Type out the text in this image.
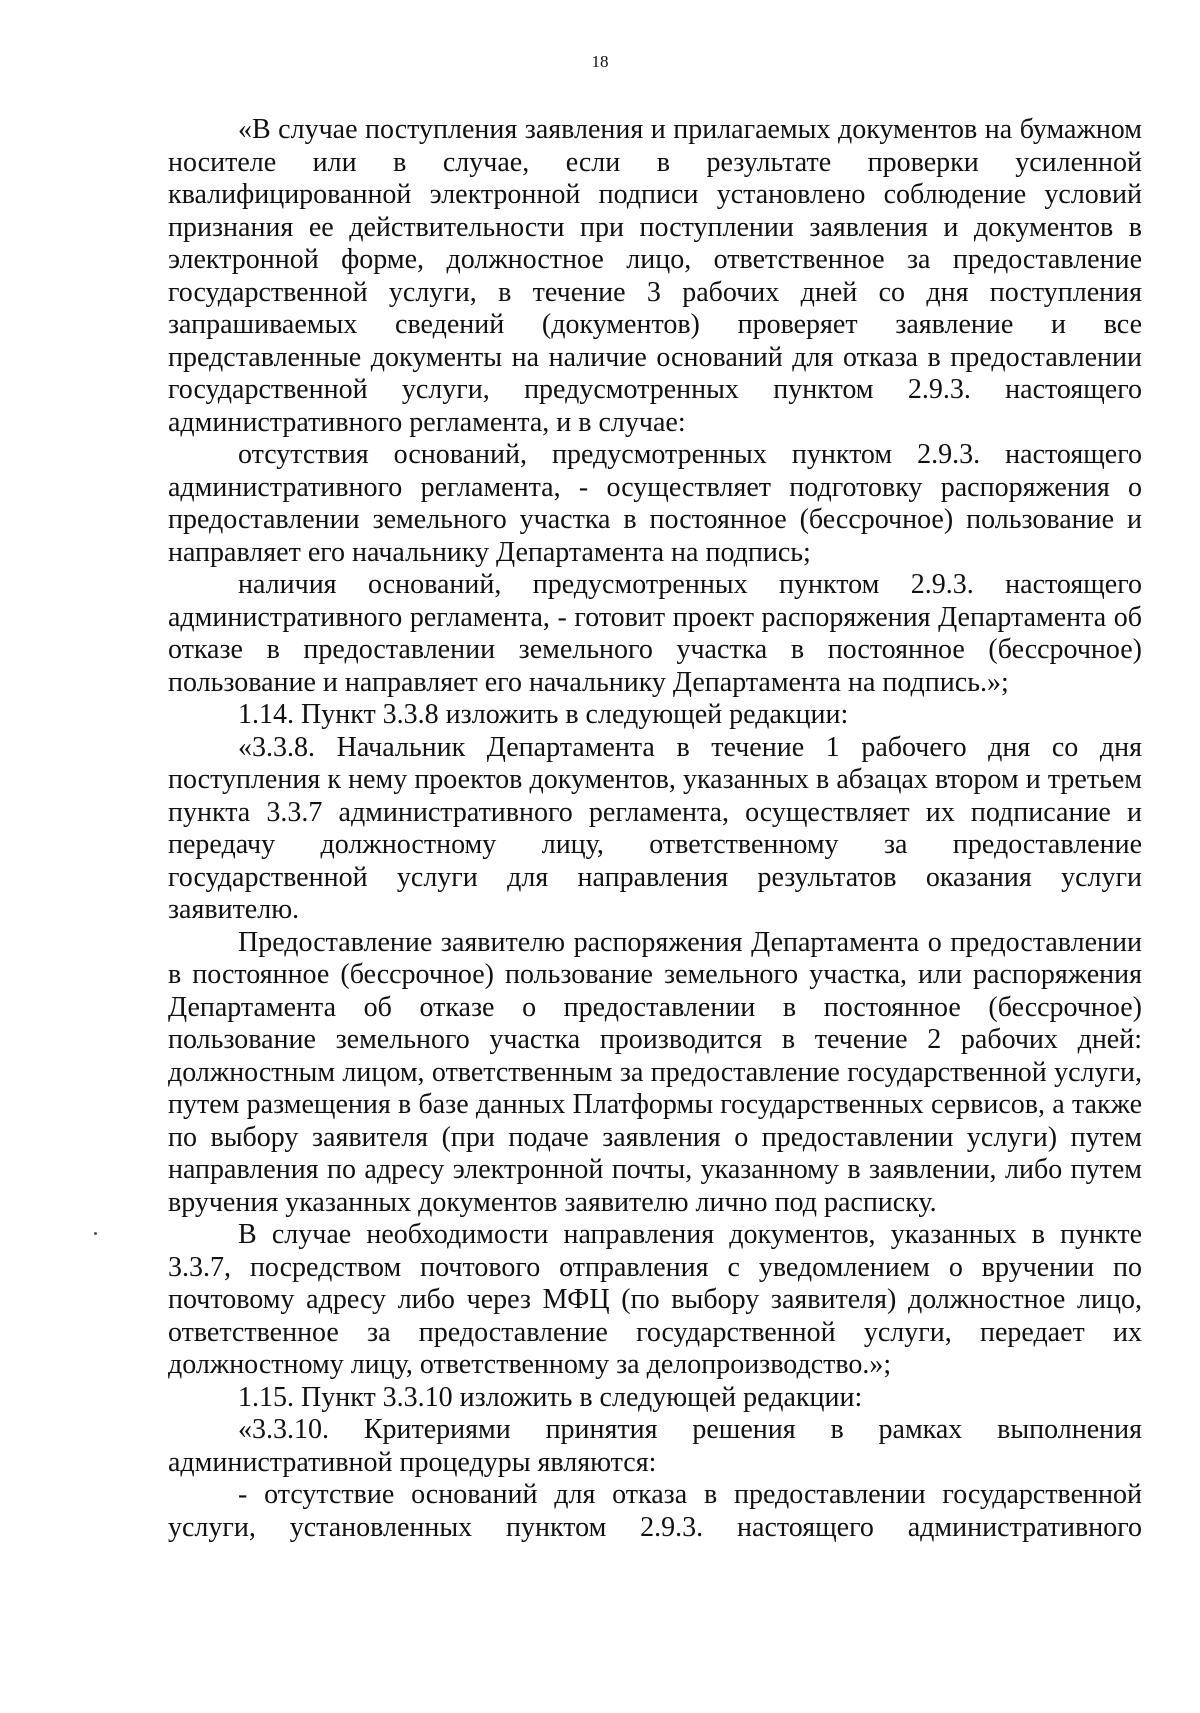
18

«В случае поступления заявления и прилагаемых документов на бумажном носителе или в случае, если в результате проверки усиленной квалифицированной электронной подписи установлено соблюдение условий признания ее действительности при поступлении заявления и документов в электронной форме, должностное лицо, ответственное за предоставление государственной услуги, в течение 3 рабочих дней со дня поступления запрашиваемых сведений (документов) проверяет заявление и все представленные документы на наличие оснований для отказа в предоставлении государственной услуги, предусмотренных пунктом 2.9.3. настоящего административного регламента, и в случае:

отсутствия оснований, предусмотренных пунктом 2.9.3. настоящего административного регламента, - осуществляет подготовку распоряжения о предоставлении земельного участка в постоянное (бессрочное) пользование и направляет его начальнику Департамента на подпись;

наличия оснований, предусмотренных пунктом 2.9.3. настоящего административного регламента, - готовит проект распоряжения Департамента об отказе в предоставлении земельного участка в постоянное (бессрочное) пользование и направляет его начальнику Департамента на подпись.»;

1.14. Пункт 3.3.8 изложить в следующей редакции:

«3.3.8. Начальник Департамента в течение 1 рабочего дня со дня поступления к нему проектов документов, указанных в абзацах втором и третьем пункта 3.3.7 административного регламента, осуществляет их подписание и передачу должностному лицу, ответственному за предоставление государственной услуги для направления результатов оказания услуги заявителю.

Предоставление заявителю распоряжения Департамента о предоставлении в постоянное (бессрочное) пользование земельного участка, или распоряжения Департамента об отказе о предоставлении в постоянное (бессрочное) пользование земельного участка производится в течение 2 рабочих дней: должностным лицом, ответственным за предоставление государственной услуги, путем размещения в базе данных Платформы государственных сервисов, а также по выбору заявителя (при подаче заявления о предоставлении услуги) путем направления по адресу электронной почты, указанному в заявлении, либо путем вручения указанных документов заявителю лично под расписку.

В случае необходимости направления документов, указанных в пункте 3.3.7, посредством почтового отправления с уведомлением о вручении по почтовому адресу либо через МФЦ (по выбору заявителя) должностное лицо, ответственное за предоставление государственной услуги, передает их должностному лицу, ответственному за делопроизводство.»;

1.15. Пункт 3.3.10 изложить в следующей редакции:

«3.3.10. Критериями принятия решения в рамках выполнения административной процедуры являются:

- отсутствие оснований для отказа в предоставлении государственной услуги, установленных пунктом 2.9.3. настоящего административного
